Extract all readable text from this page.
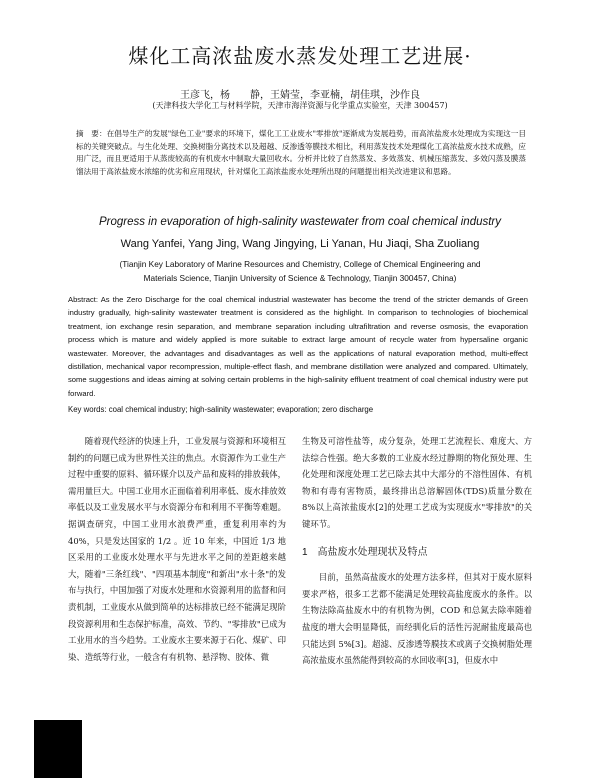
煤化工高浓盐废水蒸发处理工艺进展·
王彦飞，杨　　静，王婧莹，李亚楠，胡佳琪，沙作良
(天津科技大学化工与材料学院，天津市海洋资源与化学重点实验室，天津 300457)
摘　要：在倡导生产的发展"绿色工业"要求的环境下，煤化工工业废水"零排放"逐渐成为发展趋势，而高浓盐废水处理成为实现这一目标的关键突破点。与生化处理、交换树脂分离技术以及超越、反渗透等膜技术相比，利用蒸发技术处理煤化工高浓盐废水技术成熟，应用广泛，而且更适用于从蒸废较高的有机废水中制取大量回收水。分析并比较了自然蒸发、多效蒸发、机械压缩蒸发、多效闪蒸及膜蒸馏法用于高浓盐废水浓缩的优劣和应用现状，针对煤化工高浓盐废水处理所出现的问题提出相关改进建议和思路。
Progress in evaporation of high-salinity wastewater from coal chemical industry
Wang Yanfei, Yang Jing, Wang Jingying, Li Yanan, Hu Jiaqi, Sha Zuoliang
(Tianjin Key Laboratory of Marine Resources and Chemistry, College of Chemical Engineering and
Materials Science, Tianjin University of Science & Technology, Tianjin 300457, China)
Abstract: As the Zero Discharge for the coal chemical industrial wastewater has become the trend of the stricter demands of Green industry gradually, high-salinity wastewater treatment is considered as the highlight. In comparison to technologies of biochemical treatment, ion exchange resin separation, and membrane separation including ultrafiltration and reverse osmosis, the evaporation process which is mature and widely applied is more suitable to extract large amount of recycle water from hypersaline organic wastewater. Moreover, the advantages and disadvantages as well as the applications of natural evaporation method, multi-effect distillation, mechanical vapor recompression, multiple-effect flash, and membrane distillation were analyzed and compared. Ultimately, some suggestions and ideas aiming at solving certain problems in the high-salinity effluent treatment of coal chemical industry were put forward.
Key words: coal chemical industry; high-salinity wastewater; evaporation; zero discharge

随着现代经济的快速上升，工业发展与资源和环境相互制约的问题已成为世界性关注的焦点。水资源作为工业生产过程中重要的原料、循环媒介以及产品和废料的排放载体，需用量巨大。中国工业用水正面临着利用率低、废水排放效率低以及工业发展水平与水资源分布和利用不平衡等难题。据调查研究，中国工业用水浪费严重，重复利用率约为 40%，只是发达国家的 1/2 。近 10 年来，中国近 1/3 地区采用的工业废水处理水平与先进水平之间的差距越来越大，随着"三条红线"、"四项基本制度"和新出"水十条"的发布与执行，中国加强了对废水处理和水资源利用的监督和问责机制，工业废水从做到简单的达标排放已经不能满足现阶段资源利用和生态保护标准，高效、节约、"零排放"已成为工业用水的当今趋势。工业废水主要来源于石化、煤矿、印染、造纸等行业，一般含有有机物、悬浮物、胶体、微

生物及可溶性盐等，成分复杂，处理工艺流程长、难度大、方法综合性强。绝大多数的工业废水经过静期的物化预处理、生化处理和深度处理工艺已除去其中大部分的不溶性固体、有机物和有毒有害物质，最终排出总溶解固体(TDS)质量分数在 8%以上高浓盐废水[2]的处理工艺成为实现废水"零排放"的关键环节。

1　高盐废水处理现状及特点

目前，虽然高盐废水的处理方法多样，但其对于废水原料要求严格，很多工艺都不能满足处理较高盐度废水的条件。以生物法除高盐废水中的有机物为例，COD 和总氮去除率随着盐度的增大会明显降低，而经驯化后的活性污泥耐盐度最高也只能达到 5%[3]。超滤、反渗透等膜技术或离子交换树脂处理高浓盐废水虽然能得到较高的水回收率[3]，但废水中
